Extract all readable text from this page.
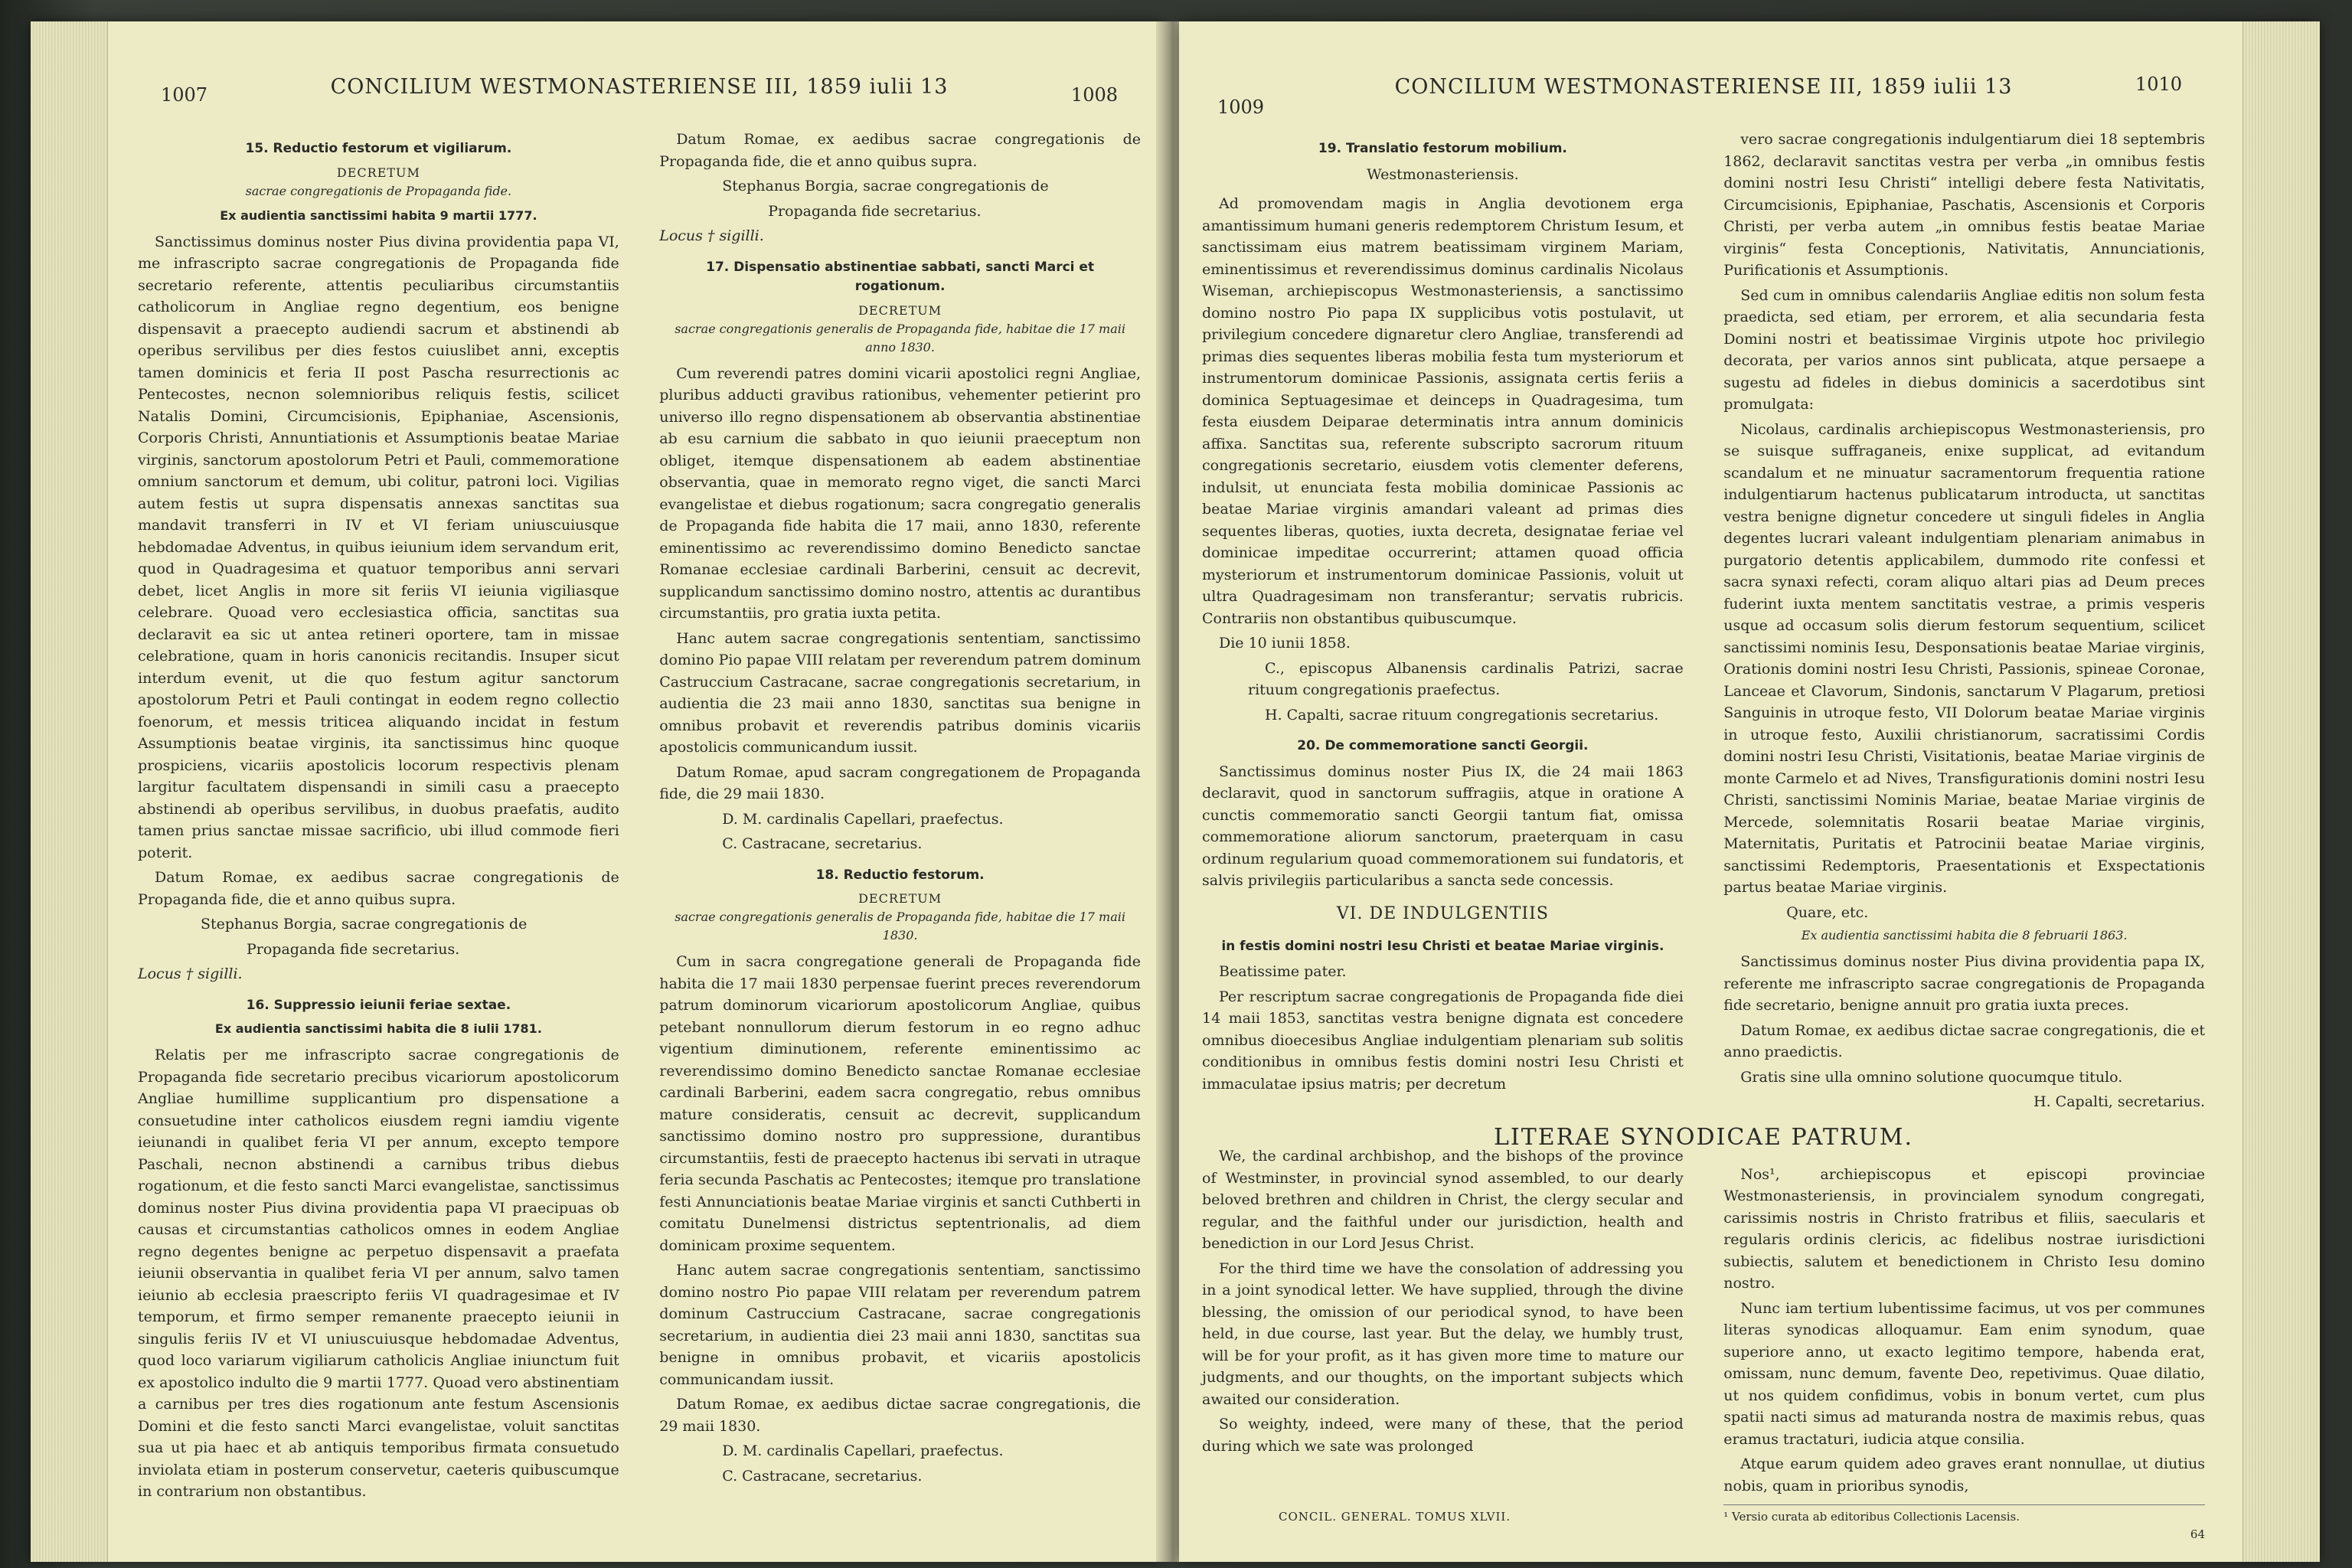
1007	CONCILIUM WESTMONASTERIENSE III, 1859 iulii 13	1008
15. Reductio festorum et vigiliarum.
DECRETUM
sacrae congregationis de Propaganda fide.
Ex audientia sanctissimi habita 9 martii 1777.

Sanctissimus dominus noster Pius divina providentia papa VI, me infrascripto sacrae congregationis de Propaganda fide secretario referente, attentis peculiaribus circumstantiis catholicorum in Angliae regno degentium, eos benigne dispensavit a praecepto audiendi sacrum et abstinendi ab operibus servilibus per dies festos cuiuslibet anni, exceptis tamen dominicis et feria II post Pascha resurrectionis ac Pentecostes, necnon solemnioribus reliquis festis, scilicet Natalis Domini, Circumcisionis, Epiphaniae, Ascensionis, Corporis Christi, Annuntiationis et Assumptionis beatae Mariae virginis, sanctorum apostolorum Petri et Pauli, commemoratione omnium sanctorum et demum, ubi colitur, patroni loci. Vigilias autem festis ut supra dispensatis annexas sanctitas sua mandavit transferri in IV et VI feriam uniuscuiusque hebdomadae Adventus, in quibus ieiunium idem servandum erit, quod in Quadragesima et quatuor temporibus anni servari debet, licet Anglis in more sit feriis VI ieiunia vigiliasque celebrare. Quoad vero ecclesiastica officia, sanctitas sua declaravit ea sic ut antea retineri oportere, tam in missae celebratione, quam in horis canonicis recitandis. Insuper sicut interdum evenit, ut die quo festum agitur sanctorum apostolorum Petri et Pauli contingat in eodem regno collectio foenorum, et messis triticea aliquando incidat in festum Assumptionis beatae virginis, ita sanctissimus hinc quoque prospiciens, vicariis apostolicis locorum respectivis plenam largitur facultatem dispensandi in simili casu a praecepto abstinendi ab operibus servilibus, in duobus praefatis, audito tamen prius sanctae missae sacrificio, ubi illud commode fieri poterit.

Datum Romae, ex aedibus sacrae congregationis de Propaganda fide, die et anno quibus supra.

Stephanus Borgia, sacrae congregationis de

Propaganda fide secretarius.

Locus † sigilli.
16. Suppressio ieiunii feriae sextae.
Ex audientia sanctissimi habita die 8 iulii 1781.

Relatis per me infrascripto sacrae congregationis de Propaganda fide secretario precibus vicariorum apostolicorum Angliae humillime supplicantium pro dispensatione a consuetudine inter catholicos eiusdem regni iamdiu vigente ieiunandi in qualibet feria VI per annum, excepto tempore Paschali, necnon abstinendi a carnibus tribus diebus rogationum, et die festo sancti Marci evangelistae, sanctissimus dominus noster Pius divina providentia papa VI praecipuas ob causas et circumstantias catholicos omnes in eodem Angliae regno degentes benigne ac perpetuo dispensavit a praefata ieiunii observantia in qualibet feria VI per annum, salvo tamen ieiunio ab ecclesia praescripto feriis VI quadragesimae et IV temporum, et firmo semper remanente praecepto ieiunii in singulis feriis IV et VI uniuscuiusque hebdomadae Adventus, quod loco variarum vigiliarum catholicis Angliae iniunctum fuit ex apostolico indulto die 9 martii 1777. Quoad vero abstinentiam a carnibus per tres dies rogationum ante festum Ascensionis Domini et die festo sancti Marci evangelistae, voluit sanctitas sua ut pia haec et ab antiquis temporibus firmata consuetudo inviolata etiam in posterum conservetur, caeteris quibuscumque in contrarium non obstantibus.

Datum Romae, ex aedibus sacrae congregationis de Propaganda fide, die et anno quibus supra.

Stephanus Borgia, sacrae congregationis de

Propaganda fide secretarius.

Locus † sigilli.
17. Dispensatio abstinentiae sabbati, sancti Marci et rogationum.
DECRETUM
sacrae congregationis generalis de Propaganda fide, habitae die 17 maii anno 1830.

Cum reverendi patres domini vicarii apostolici regni Angliae, pluribus adducti gravibus rationibus, vehementer petierint pro universo illo regno dispensationem ab observantia abstinentiae ab esu carnium die sabbato in quo ieiunii praeceptum non obliget, itemque dispensationem ab eadem abstinentiae observantia, quae in memorato regno viget, die sancti Marci evangelistae et diebus rogationum; sacra congregatio generalis de Propaganda fide habita die 17 maii, anno 1830, referente eminentissimo ac reverendissimo domino Benedicto sanctae Romanae ecclesiae cardinali Barberini, censuit ac decrevit, supplicandum sanctissimo domino nostro, attentis ac durantibus circumstantiis, pro gratia iuxta petita.

Hanc autem sacrae congregationis sententiam, sanctissimo domino Pio papae VIII relatam per reverendum patrem dominum Castruccium Castracane, sacrae congregationis secretarium, in audientia die 23 maii anno 1830, sanctitas sua benigne in omnibus probavit et reverendis patribus dominis vicariis apostolicis communicandum iussit.

Datum Romae, apud sacram congregationem de Propaganda fide, die 29 maii 1830.

D. M. cardinalis Capellari, praefectus.

C. Castracane, secretarius.

18. Reductio festorum.
DECRETUM
sacrae congregationis generalis de Propaganda fide, habitae die 17 maii 1830.

Cum in sacra congregatione generali de Propaganda fide habita die 17 maii 1830 perpensae fuerint preces reverendorum patrum dominorum vicariorum apostolicorum Angliae, quibus petebant nonnullorum dierum festorum in eo regno adhuc vigentium diminutionem, referente eminentissimo ac reverendissimo domino Benedicto sanctae Romanae ecclesiae cardinali Barberini, eadem sacra congregatio, rebus omnibus mature consideratis, censuit ac decrevit, supplicandum sanctissimo domino nostro pro suppressione, durantibus circumstantiis, festi de praecepto hactenus ibi servati in utraque feria secunda Paschatis ac Pentecostes; itemque pro translatione festi Annunciationis beatae Mariae virginis et sancti Cuthberti in comitatu Dunelmensi districtus septentrionalis, ad diem dominicam proxime sequentem.

Hanc autem sacrae congregationis sententiam, sanctissimo domino nostro Pio papae VIII relatam per reverendum patrem dominum Castruccium Castracane, sacrae congregationis secretarium, in audientia diei 23 maii anni 1830, sanctitas sua benigne in omnibus probavit, et vicariis apostolicis communicandam iussit.

Datum Romae, ex aedibus dictae sacrae congregationis, die 29 maii 1830.

D. M. cardinalis Capellari, praefectus.

C. Castracane, secretarius.

1009
CONCILIUM WESTMONASTERIENSE III, 1859 iulii 13	1010
19. Translatio festorum mobilium.
Westmonasteriensis.

Ad promovendam magis in Anglia devotionem erga amantissimum humani generis redemptorem Christum Iesum, et sanctissimam eius matrem beatissimam virginem Mariam, eminentissimus et reverendissimus dominus cardinalis Nicolaus Wiseman, archiepiscopus Westmonasteriensis, a sanctissimo domino nostro Pio papa IX supplicibus votis postulavit, ut privilegium concedere dignaretur clero Angliae, transferendi ad primas dies sequentes liberas mobilia festa tum mysteriorum et instrumentorum dominicae Passionis, assignata certis feriis a dominica Septuagesimae et deinceps in Quadragesima, tum festa eiusdem Deiparae determinatis intra annum dominicis affixa. Sanctitas sua, referente subscripto sacrorum rituum congregationis secretario, eiusdem votis clementer deferens, indulsit, ut enunciata festa mobilia dominicae Passionis ac beatae Mariae virginis amandari valeant ad primas dies sequentes liberas, quoties, iuxta decreta, designatae feriae vel dominicae impeditae occurrerint; attamen quoad officia mysteriorum et instrumentorum dominicae Passionis, voluit ut ultra Quadragesimam non transferantur; servatis rubricis. Contrariis non obstantibus quibuscumque.

Die 10 iunii 1858.

C., episcopus Albanensis cardinalis Patrizi, sacrae rituum congregationis praefectus.

H. Capalti, sacrae rituum congregationis secretarius.

20. De commemoratione sancti Georgii.

Sanctissimus dominus noster Pius IX, die 24 maii 1863 declaravit, quod in sanctorum suffragiis, atque in oratione A cunctis commemoratio sancti Georgii tantum fiat, omissa commemoratione aliorum sanctorum, praeterquam in casu ordinum regularium quoad commemorationem sui fundatoris, et salvis privilegiis particularibus a sancta sede concessis.

VI. DE INDULGENTIIS
in festis domini nostri Iesu Christi et beatae Mariae virginis.

Beatissime pater.

Per rescriptum sacrae congregationis de Propaganda fide diei 14 maii 1853, sanctitas vestra benigne dignata est concedere omnibus dioecesibus Angliae indulgentiam plenariam sub solitis conditionibus in omnibus festis domini nostri Iesu Christi et immaculatae ipsius matris; per decretum

We, the cardinal archbishop, and the bishops of the province of Westminster, in provincial synod assembled, to our dearly beloved brethren and children in Christ, the clergy secular and regular, and the faithful under our jurisdiction, health and benediction in our Lord Jesus Christ.

For the third time we have the consolation of addressing you in a joint synodical letter. We have supplied, through the divine blessing, the omission of our periodical synod, to have been held, in due course, last year. But the delay, we humbly trust, will be for your profit, as it has given more time to mature our judgments, and our thoughts, on the important subjects which awaited our consideration.

So weighty, indeed, were many of these, that the period during which we sate was prolonged

vero sacrae congregationis indulgentiarum diei 18 septembris 1862, declaravit sanctitas vestra per verba „in omnibus festis domini nostri Iesu Christi“ intelligi debere festa Nativitatis, Circumcisionis, Epiphaniae, Paschatis, Ascensionis et Corporis Christi, per verba autem „in omnibus festis beatae Mariae virginis“ festa Conceptionis, Nativitatis, Annunciationis, Purificationis et Assumptionis.

Sed cum in omnibus calendariis Angliae editis non solum festa praedicta, sed etiam, per errorem, et alia secundaria festa Domini nostri et beatissimae Virginis utpote hoc privilegio decorata, per varios annos sint publicata, atque persaepe a sugestu ad fideles in diebus dominicis a sacerdotibus sint promulgata:

Nicolaus, cardinalis archiepiscopus Westmonasteriensis, pro se suisque suffraganeis, enixe supplicat, ad evitandum scandalum et ne minuatur sacramentorum frequentia ratione indulgentiarum hactenus publicatarum introducta, ut sanctitas vestra benigne dignetur concedere ut singuli fideles in Anglia degentes lucrari valeant indulgentiam plenariam animabus in purgatorio detentis applicabilem, dummodo rite confessi et sacra synaxi refecti, coram aliquo altari pias ad Deum preces fuderint iuxta mentem sanctitatis vestrae, a primis vesperis usque ad occasum solis dierum festorum sequentium, scilicet sanctissimi nominis Iesu, Desponsationis beatae Mariae virginis, Orationis domini nostri Iesu Christi, Passionis, spineae Coronae, Lanceae et Clavorum, Sindonis, sanctarum V Plagarum, pretiosi Sanguinis in utroque festo, VII Dolorum beatae Mariae virginis in utroque festo, Auxilii christianorum, sacratissimi Cordis domini nostri Iesu Christi, Visitationis, beatae Mariae virginis de monte Carmelo et ad Nives, Transfigurationis domini nostri Iesu Christi, sanctissimi Nominis Mariae, beatae Mariae virginis de Mercede, solemnitatis Rosarii beatae Mariae virginis, Maternitatis, Puritatis et Patrocinii beatae Mariae virginis, sanctissimi Redemptoris, Praesentationis et Exspectationis partus beatae Mariae virginis.

Quare, etc.

Ex audientia sanctissimi habita die 8 februarii 1863.

Sanctissimus dominus noster Pius divina providentia papa IX, referente me infrascripto sacrae congregationis de Propaganda fide secretario, benigne annuit pro gratia iuxta preces.

Datum Romae, ex aedibus dictae sacrae congregationis, die et anno praedictis.

Gratis sine ulla omnino solutione quocumque titulo.

H. Capalti, secretarius.

Nos¹, archiepiscopus et episcopi provinciae Westmonasteriensis, in provincialem synodum congregati, carissimis nostris in Christo fratribus et filiis, saecularis et regularis ordinis clericis, ac fidelibus nostrae iurisdictioni subiectis, salutem et benedictionem in Christo Iesu domino nostro.

Nunc iam tertium lubentissime facimus, ut vos per communes literas synodicas alloquamur. Eam enim synodum, quae superiore anno, ut exacto legitimo tempore, habenda erat, omissam, nunc demum, favente Deo, repetivimus. Quae dilatio, ut nos quidem confidimus, vobis in bonum vertet, cum plus spatii nacti simus ad maturanda nostra de maximis rebus, quas eramus tractaturi, iudicia atque consilia.

Atque earum quidem adeo graves erant nonnullae, ut diutius nobis, quam in prioribus synodis,

¹ Versio curata ab editoribus Collectionis Lacensis.
64
LITERAE SYNODICAE PATRUM.
CONCIL. GENERAL. TOMUS XLVII.
